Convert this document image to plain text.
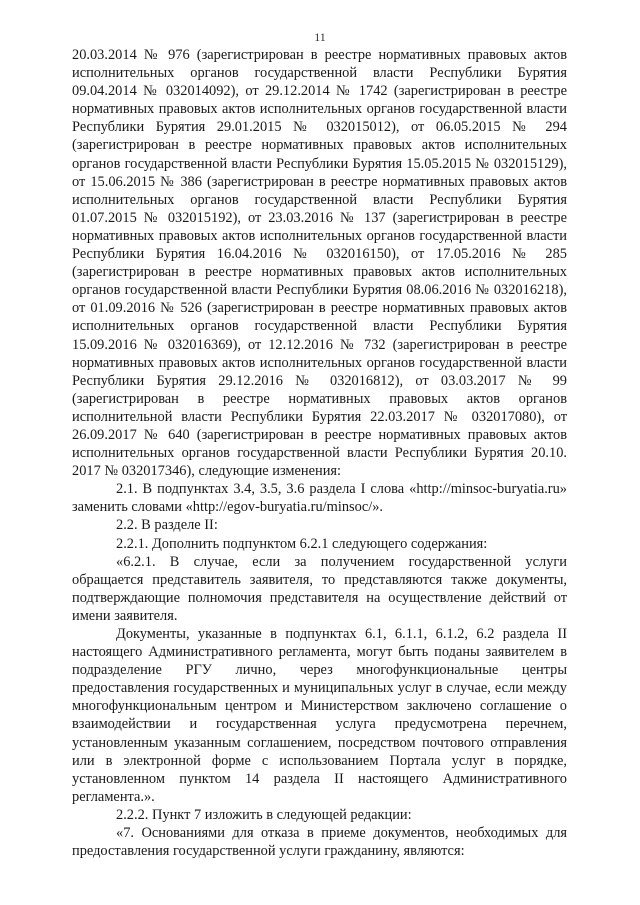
11

20.03.2014 № 976 (зарегистрирован в реестре нормативных правовых актов исполнительных органов государственной власти Республики Бурятия 09.04.2014 № 032014092), от 29.12.2014 № 1742 (зарегистрирован в реестре нормативных правовых актов исполнительных органов государственной власти Республики Бурятия 29.01.2015 № 032015012), от 06.05.2015 № 294 (зарегистрирован в реестре нормативных правовых актов исполнительных органов государственной власти Республики Бурятия 15.05.2015 № 032015129), от 15.06.2015 № 386 (зарегистрирован в реестре нормативных правовых актов исполнительных органов государственной власти Республики Бурятия 01.07.2015 № 032015192), от 23.03.2016 № 137 (зарегистрирован в реестре нормативных правовых актов исполнительных органов государственной власти Республики Бурятия 16.04.2016 № 032016150), от 17.05.2016 № 285 (зарегистрирован в реестре нормативных правовых актов исполнительных органов государственной власти Республики Бурятия 08.06.2016 № 032016218), от 01.09.2016 № 526 (зарегистрирован в реестре нормативных правовых актов исполнительных органов государственной власти Республики Бурятия 15.09.2016 № 032016369), от 12.12.2016 № 732 (зарегистрирован в реестре нормативных правовых актов исполнительных органов государственной власти Республики Бурятия 29.12.2016 № 032016812), от 03.03.2017 № 99 (зарегистрирован в реестре нормативных правовых актов органов исполнительной власти Республики Бурятия 22.03.2017 № 032017080), от 26.09.2017 № 640 (зарегистрирован в реестре нормативных правовых актов исполнительных органов государственной власти Республики Бурятия 20.10. 2017 № 032017346), следующие изменения:

2.1. В подпунктах 3.4, 3.5, 3.6 раздела I слова «http://minsoc-buryatia.ru» заменить словами «http://egov-buryatia.ru/minsoc/».

2.2. В разделе II:

2.2.1. Дополнить подпунктом 6.2.1 следующего содержания:

«6.2.1. В случае, если за получением государственной услуги обращается представитель заявителя, то представляются также документы, подтверждающие полномочия представителя на осуществление действий от имени заявителя.

Документы, указанные в подпунктах 6.1, 6.1.1, 6.1.2, 6.2 раздела II настоящего Административного регламента, могут быть поданы заявителем в подразделение РГУ лично, через многофункциональные центры предоставления государственных и муниципальных услуг в случае, если между многофункциональным центром и Министерством заключено соглашение о взаимодействии и государственная услуга предусмотрена перечнем, установленным указанным соглашением, посредством почтового отправления или в электронной форме с использованием Портала услуг в порядке, установленном пунктом 14 раздела II настоящего Административного регламента.».

2.2.2. Пункт 7 изложить в следующей редакции:

«7. Основаниями для отказа в приеме документов, необходимых для предоставления государственной услуги гражданину, являются:
